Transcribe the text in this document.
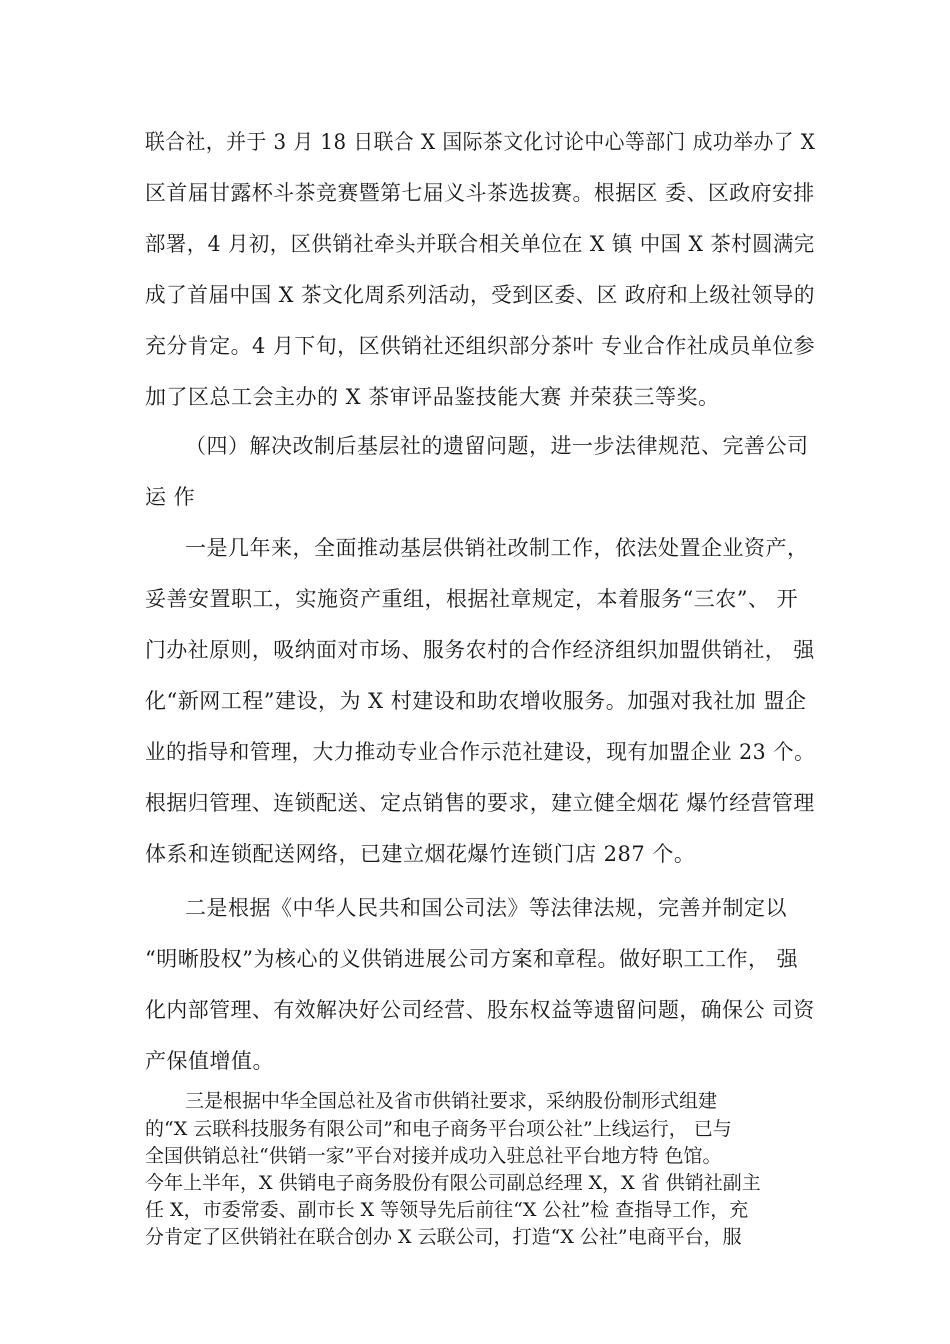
联合社，并于 3 月 18 日联合 X 国际茶文化讨论中心等部门 成功举办了 X
区首届甘露杯斗茶竞赛暨第七届义斗茶选拔赛。根据区 委、区政府安排
部署，4 月初，区供销社牵头并联合相关单位在 X 镇 中国 X 茶村圆满完
成了首届中国 X 茶文化周系列活动，受到区委、区 政府和上级社领导的
充分肯定。4 月下旬，区供销社还组织部分茶叶 专业合作社成员单位参
加了区总工会主办的 X 茶审评品鉴技能大赛 并荣获三等奖。
（四）解决改制后基层社的遗留问题，进一步法律规范、完善公司
运 作
一是几年来，全面推动基层供销社改制工作，依法处置企业资产，
妥善安置职工，实施资产重组，根据社章规定，本着服务“三农”、 开
门办社原则，吸纳面对市场、服务农村的合作经济组织加盟供销社， 强
化“新网工程”建设，为 X 村建设和助农增收服务。加强对我社加 盟企
业的指导和管理，大力推动专业合作示范社建设，现有加盟企业 23 个。
根据归管理、连锁配送、定点销售的要求，建立健全烟花 爆竹经营管理
体系和连锁配送网络，已建立烟花爆竹连锁门店 287 个。
二是根据《中华人民共和国公司法》等法律法规，完善并制定以
“明晰股权”为核心的义供销进展公司方案和章程。做好职工工作， 强
化内部管理、有效解决好公司经营、股东权益等遗留问题，确保公 司资
产保值增值。
三是根据中华全国总社及省市供销社要求，采纳股份制形式组建
的“X 云联科技服务有限公司”和电子商务平台项公社”上线运行， 已与
全国供销总社“供销一家”平台对接并成功入驻总社平台地方特 色馆。
今年上半年，X 供销电子商务股份有限公司副总经理 X，X 省 供销社副主
任 X，市委常委、副市长 X 等领导先后前往“X 公社”检 查指导工作，充
分肯定了区供销社在联合创办 X 云联公司，打造“X 公社”电商平台，服
